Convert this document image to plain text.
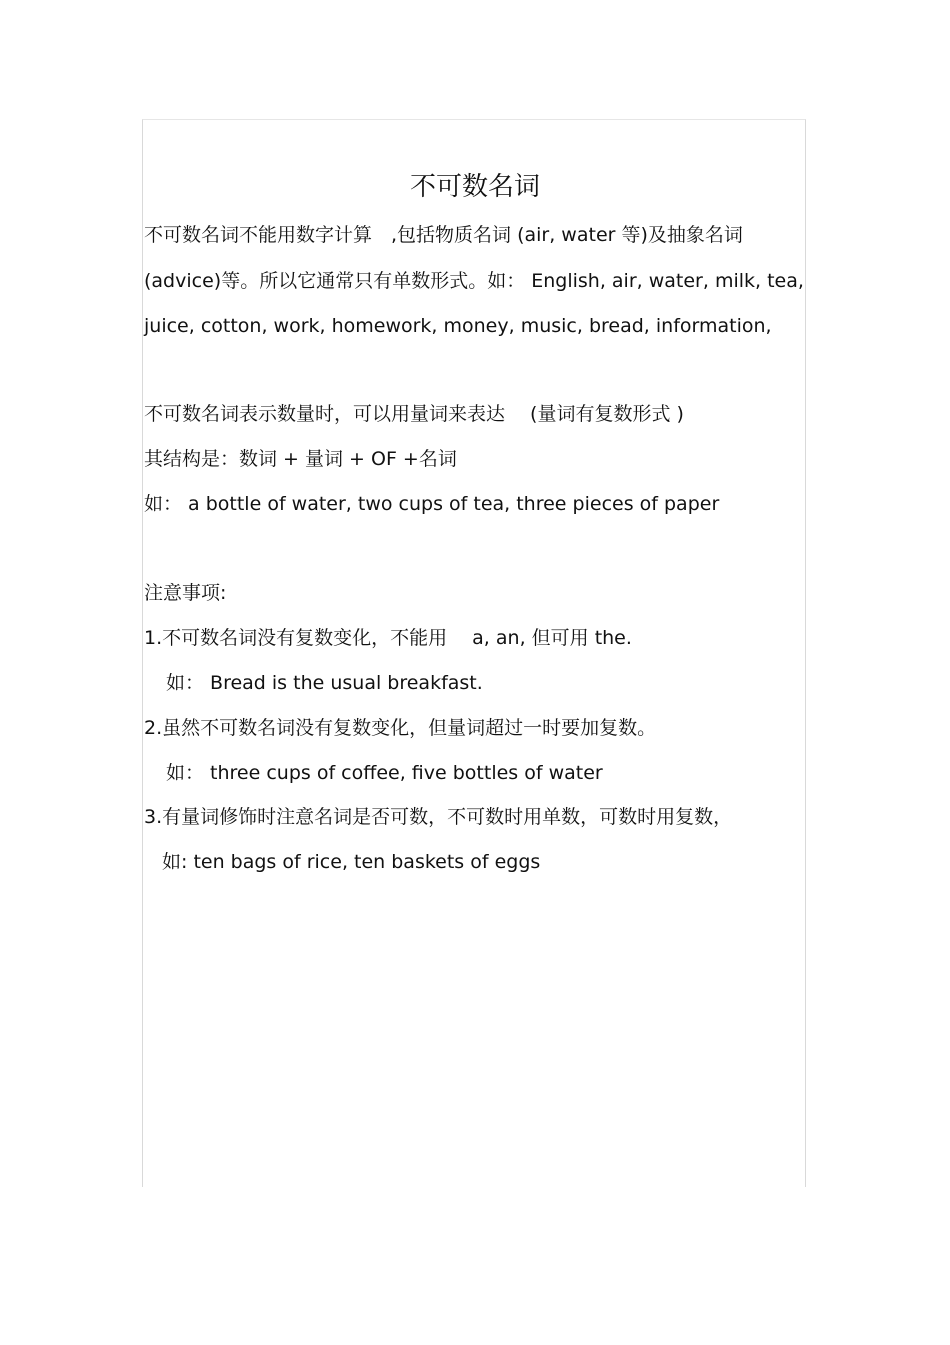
不可数名词

不可数名词不能用数字计算　,包括物质名词 (air, water 等)及抽象名词

(advice)等。所以它通常只有单数形式。如： English, air, water, milk, tea,

juice, cotton, work, homework, money, music, bread, information,

不可数名词表示数量时，可以用量词来表达　 (量词有复数形式 )

其结构是：数词 + 量词 + OF +名词

如： a bottle of water, two cups of tea, three pieces of paper

注意事项:

1.不可数名词没有复数变化，不能用　 a, an, 但可用 the.

如： Bread is the usual breakfast.

2.虽然不可数名词没有复数变化，但量词超过一时要加复数。

如： three cups of coffee, five bottles of water

3.有量词修饰时注意名词是否可数，不可数时用单数，可数时用复数，

如: ten bags of rice, ten baskets of eggs
